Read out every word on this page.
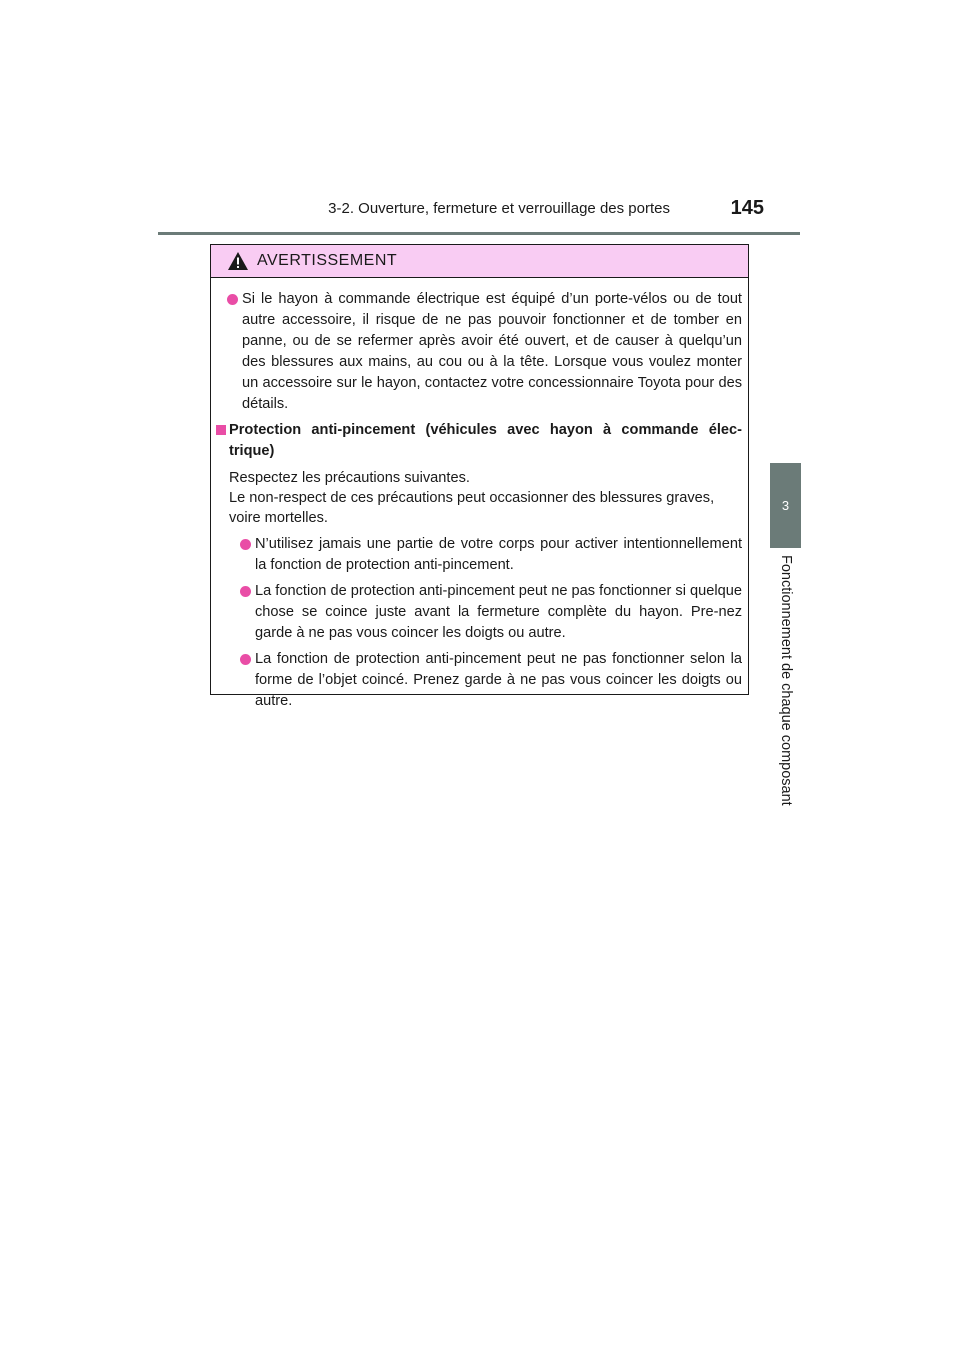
3-2. Ouverture, fermeture et verrouillage des portes	145
3
Fonctionnement de chaque composant
AVERTISSEMENT
Si le hayon à commande électrique est équipé d’un porte-vélos ou de tout autre accessoire, il risque de ne pas pouvoir fonctionner et de tomber en panne, ou de se refermer après avoir été ouvert, et de causer à quelqu’un des blessures aux mains, au cou ou à la tête. Lorsque vous voulez monter un accessoire sur le hayon, contactez votre concessionnaire Toyota pour des détails.
Protection anti-pincement (véhicules avec hayon à commande élec-trique)
Respectez les précautions suivantes.
Le non-respect de ces précautions peut occasionner des blessures graves, voire mortelles.
N’utilisez jamais une partie de votre corps pour activer intentionnellement la fonction de protection anti-pincement.
La fonction de protection anti-pincement peut ne pas fonctionner si quelque chose se coince juste avant la fermeture complète du hayon. Pre-nez garde à ne pas vous coincer les doigts ou autre.
La fonction de protection anti-pincement peut ne pas fonctionner selon la forme de l’objet coincé. Prenez garde à ne pas vous coincer les doigts ou autre.
